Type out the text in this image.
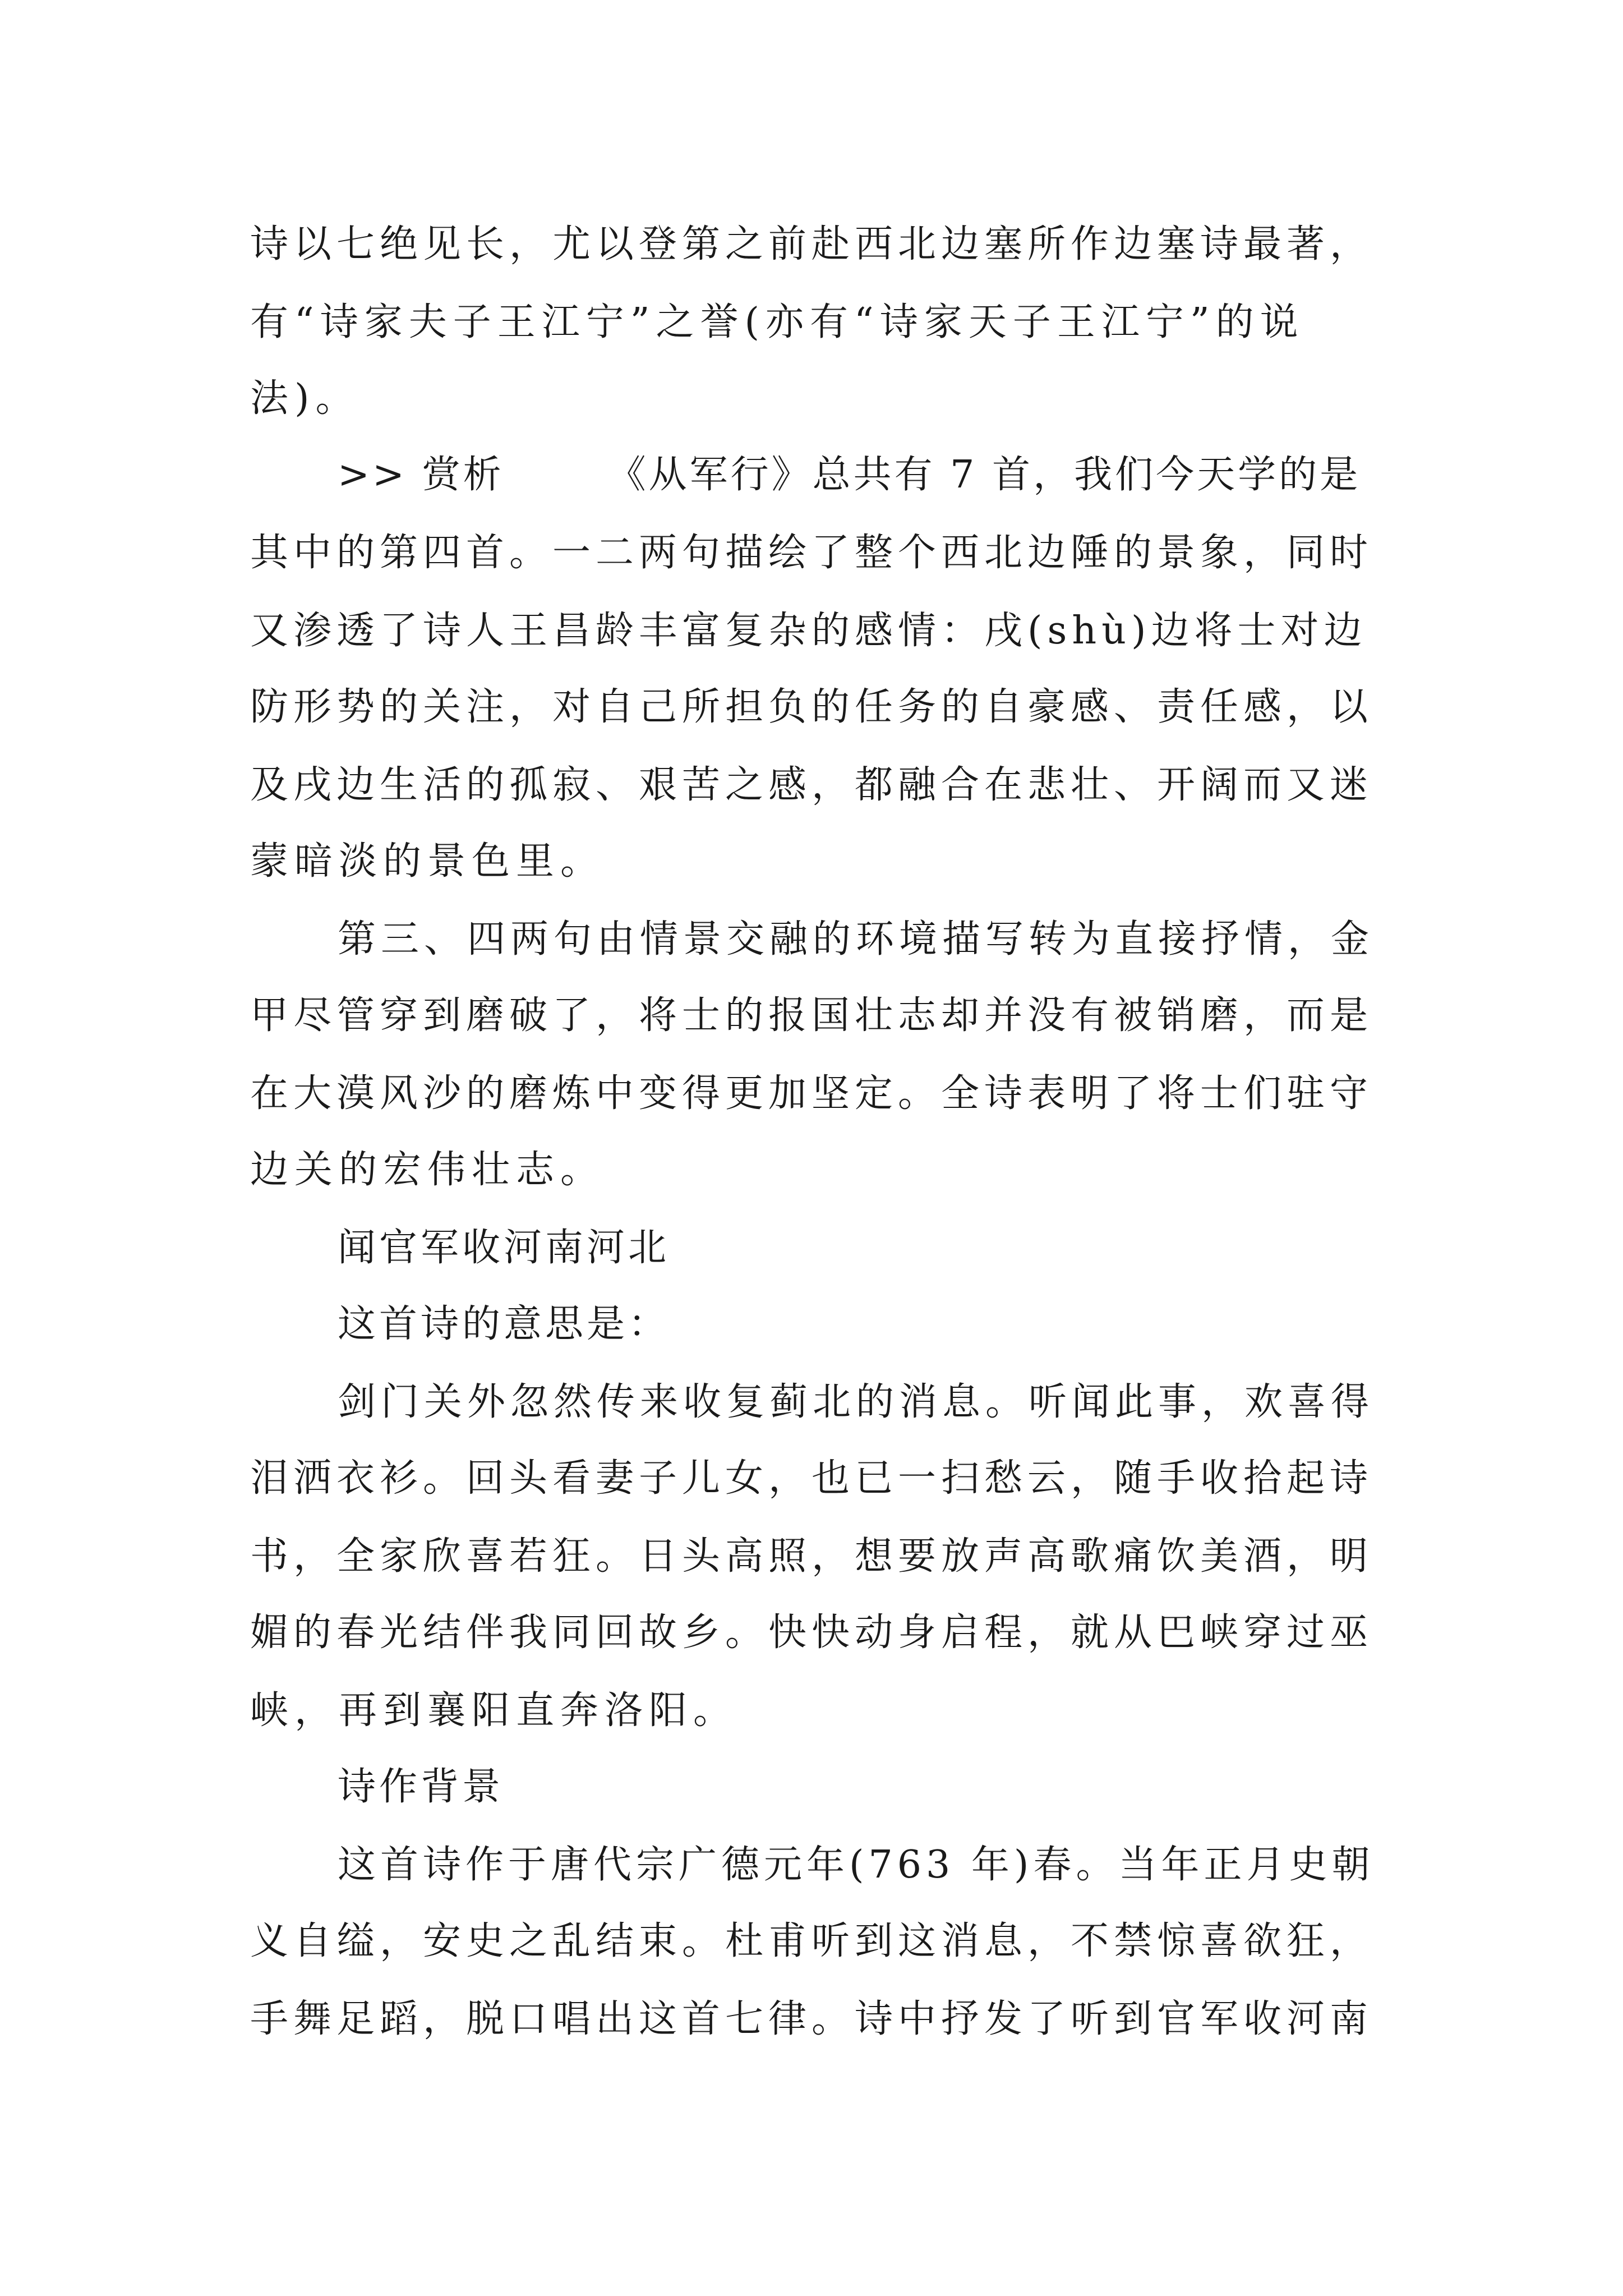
诗以七绝见长，尤以登第之前赴西北边塞所作边塞诗最著，
有“诗家夫子王江宁”之誉(亦有“诗家天子王江宁”的说
法)。
>> 赏析　　　《从军行》总共有 7 首，我们今天学的是
其中的第四首。一二两句描绘了整个西北边陲的景象，同时
又渗透了诗人王昌龄丰富复杂的感情：戌(shù)边将士对边
防形势的关注，对自己所担负的任务的自豪感、责任感，以
及戌边生活的孤寂、艰苦之感，都融合在悲壮、开阔而又迷
蒙暗淡的景色里。
第三、四两句由情景交融的环境描写转为直接抒情，金
甲尽管穿到磨破了，将士的报国壮志却并没有被销磨，而是
在大漠风沙的磨炼中变得更加坚定。全诗表明了将士们驻守
边关的宏伟壮志。
闻官军收河南河北
这首诗的意思是：
剑门关外忽然传来收复蓟北的消息。听闻此事，欢喜得
泪洒衣衫。回头看妻子儿女，也已一扫愁云，随手收拾起诗
书，全家欣喜若狂。日头高照，想要放声高歌痛饮美酒，明
媚的春光结伴我同回故乡。快快动身启程，就从巴峡穿过巫
峡，再到襄阳直奔洛阳。
诗作背景
这首诗作于唐代宗广德元年(763 年)春。当年正月史朝
义自缢，安史之乱结束。杜甫听到这消息，不禁惊喜欲狂，
手舞足蹈，脱口唱出这首七律。诗中抒发了听到官军收河南
